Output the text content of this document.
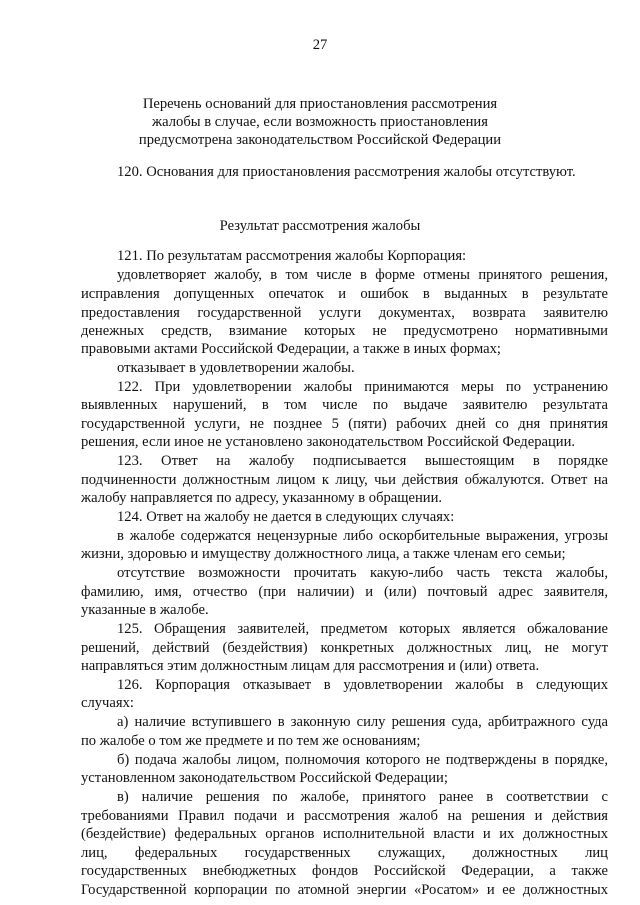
27
Перечень оснований для приостановления рассмотрения
жалобы в случае, если возможность приостановления
предусмотрена законодательством Российской Федерации
120. Основания для приостановления рассмотрения жалобы отсутствуют.
Результат рассмотрения жалобы
121. По результатам рассмотрения жалобы Корпорация:
удовлетворяет жалобу, в том числе в форме отмены принятого решения,
исправления допущенных опечаток и ошибок в выданных в результате
предоставления государственной услуги документах, возврата заявителю
денежных средств, взимание которых не предусмотрено нормативными
правовыми актами Российской Федерации, а также в иных формах;
отказывает в удовлетворении жалобы.
122. При удовлетворении жалобы принимаются меры по устранению
выявленных нарушений, в том числе по выдаче заявителю результата
государственной услуги, не позднее 5 (пяти) рабочих дней со дня принятия
решения, если иное не установлено законодательством Российской Федерации.
123. Ответ на жалобу подписывается вышестоящим в порядке
подчиненности должностным лицом к лицу, чьи действия обжалуются. Ответ на
жалобу направляется по адресу, указанному в обращении.
124. Ответ на жалобу не дается в следующих случаях:
в жалобе содержатся нецензурные либо оскорбительные выражения, угрозы
жизни, здоровью и имуществу должностного лица, а также членам его семьи;
отсутствие возможности прочитать какую-либо часть текста жалобы,
фамилию, имя, отчество (при наличии) и (или) почтовый адрес заявителя,
указанные в жалобе.
125. Обращения заявителей, предметом которых является обжалование
решений, действий (бездействия) конкретных должностных лиц, не могут
направляться этим должностным лицам для рассмотрения и (или) ответа.
126. Корпорация отказывает в удовлетворении жалобы в следующих
случаях:
а) наличие вступившего в законную силу решения суда, арбитражного суда
по жалобе о том же предмете и по тем же основаниям;
б) подача жалобы лицом, полномочия которого не подтверждены в порядке,
установленном законодательством Российской Федерации;
в) наличие решения по жалобе, принятого ранее в соответствии с
требованиями Правил подачи и рассмотрения жалоб на решения и действия
(бездействие) федеральных органов исполнительной власти и их должностных
лиц, федеральных государственных служащих, должностных лиц
государственных внебюджетных фондов Российской Федерации, а также
Государственной корпорации по атомной энергии «Росатом» и ее должностных
